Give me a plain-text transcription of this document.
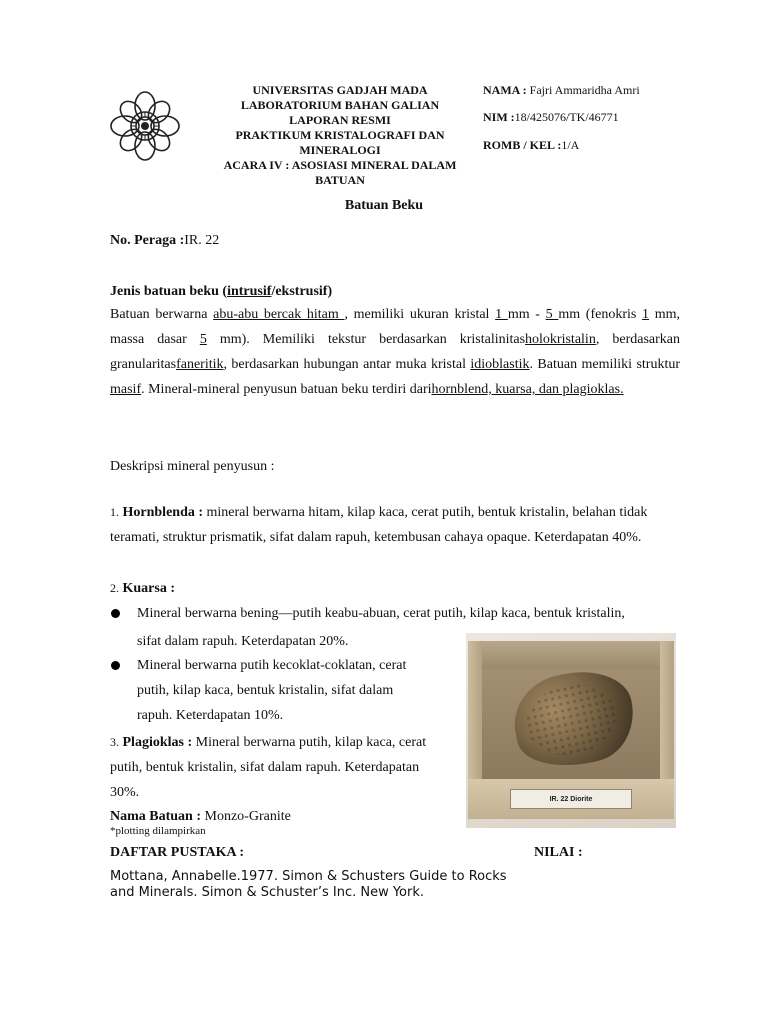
UNIVERSITAS GADJAH MADA
LABORATORIUM BAHAN GALIAN
LAPORAN RESMI
PRAKTIKUM KRISTALOGRAFI DAN
MINERALOGI
ACARA IV : ASOSIASI MINERAL DALAM
BATUAN
NAMA : Fajri Ammaridha Amri
NIM :18/425076/TK/46771
ROMB / KEL :1/A
Batuan Beku
No. Peraga :IR. 22
Jenis batuan beku (intrusif/ekstrusif)
Batuan berwarna abu-abu bercak hitam , memiliki ukuran kristal 1 mm - 5 mm (fenokris 1 mm, massa dasar 5 mm). Memiliki tekstur berdasarkan kristalinitasholokristalin, berdasarkan granularitasfaneritik, berdasarkan hubungan antar muka kristal idioblastik. Batuan memiliki struktur masif. Mineral-mineral penyusun batuan beku terdiri darihornblend, kuarsa, dan plagioklas.
Deskripsi mineral penyusun :
1. Hornblenda : mineral berwarna hitam, kilap kaca, cerat putih, bentuk kristalin, belahan tidak teramati, struktur prismatik, sifat dalam rapuh, ketembusan cahaya opaque. Keterdapatan 40%.
2. Kuarsa :
Mineral berwarna bening—putih keabu-abuan, cerat putih, kilap kaca, bentuk kristalin,
sifat dalam rapuh. Keterdapatan 20%.
Mineral berwarna putih kecoklat-coklatan, cerat
putih, kilap kaca, bentuk kristalin, sifat dalam
rapuh. Keterdapatan 10%.
3. Plagioklas : Mineral berwarna putih, kilap kaca, cerat
putih, bentuk kristalin, sifat dalam rapuh. Keterdapatan
30%.
Nama Batuan : Monzo-Granite
*plotting dilampirkan
DAFTAR PUSTAKA :	NILAI :
Mottana, Annabelle.1977. Simon & Schusters Guide to Rocks
and Minerals. Simon & Schuster’s Inc. New York.
IR. 22 Diorite
